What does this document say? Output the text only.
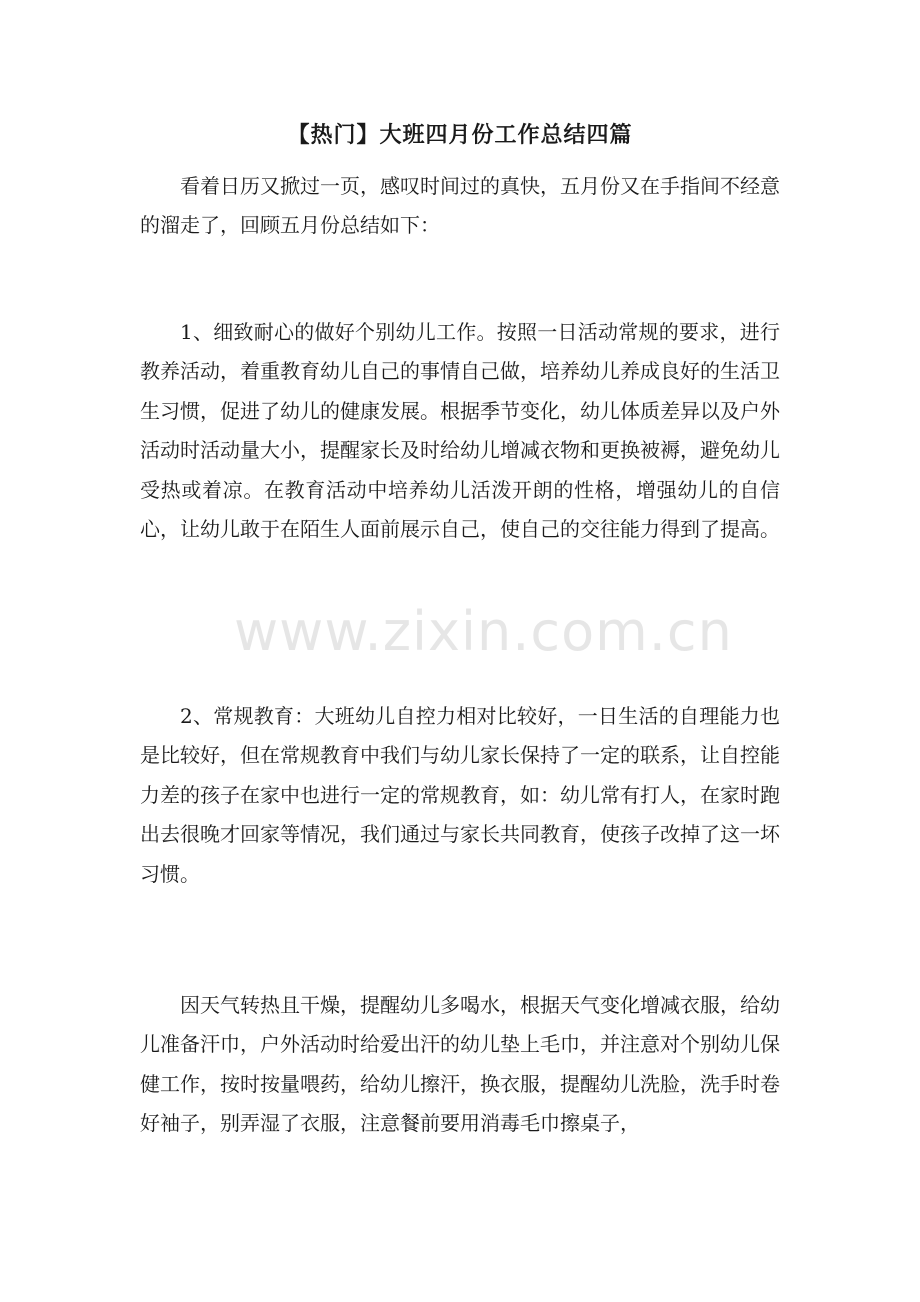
【热门】大班四月份工作总结四篇

看着日历又掀过一页，感叹时间过的真快，五月份又在手指间不经意的溜走了，回顾五月份总结如下：

1、细致耐心的做好个别幼儿工作。按照一日活动常规的要求，进行教养活动，着重教育幼儿自己的事情自己做，培养幼儿养成良好的生活卫生习惯，促进了幼儿的健康发展。根据季节变化，幼儿体质差异以及户外活动时活动量大小，提醒家长及时给幼儿增减衣物和更换被褥，避免幼儿受热或着凉。在教育活动中培养幼儿活泼开朗的性格，增强幼儿的自信心，让幼儿敢于在陌生人面前展示自己，使自己的交往能力得到了提高。

2、常规教育：大班幼儿自控力相对比较好，一日生活的自理能力也是比较好，但在常规教育中我们与幼儿家长保持了一定的联系，让自控能力差的孩子在家中也进行一定的常规教育，如：幼儿常有打人，在家时跑出去很晚才回家等情况，我们通过与家长共同教育，使孩子改掉了这一坏习惯。

因天气转热且干燥，提醒幼儿多喝水，根据天气变化增减衣服，给幼儿准备汗巾，户外活动时给爱出汗的幼儿垫上毛巾，并注意对个别幼儿保健工作，按时按量喂药，给幼儿擦汗，换衣服，提醒幼儿洗脸，洗手时卷好袖子，别弄湿了衣服，注意餐前要用消毒毛巾擦桌子，

www.zixin.com.cn
